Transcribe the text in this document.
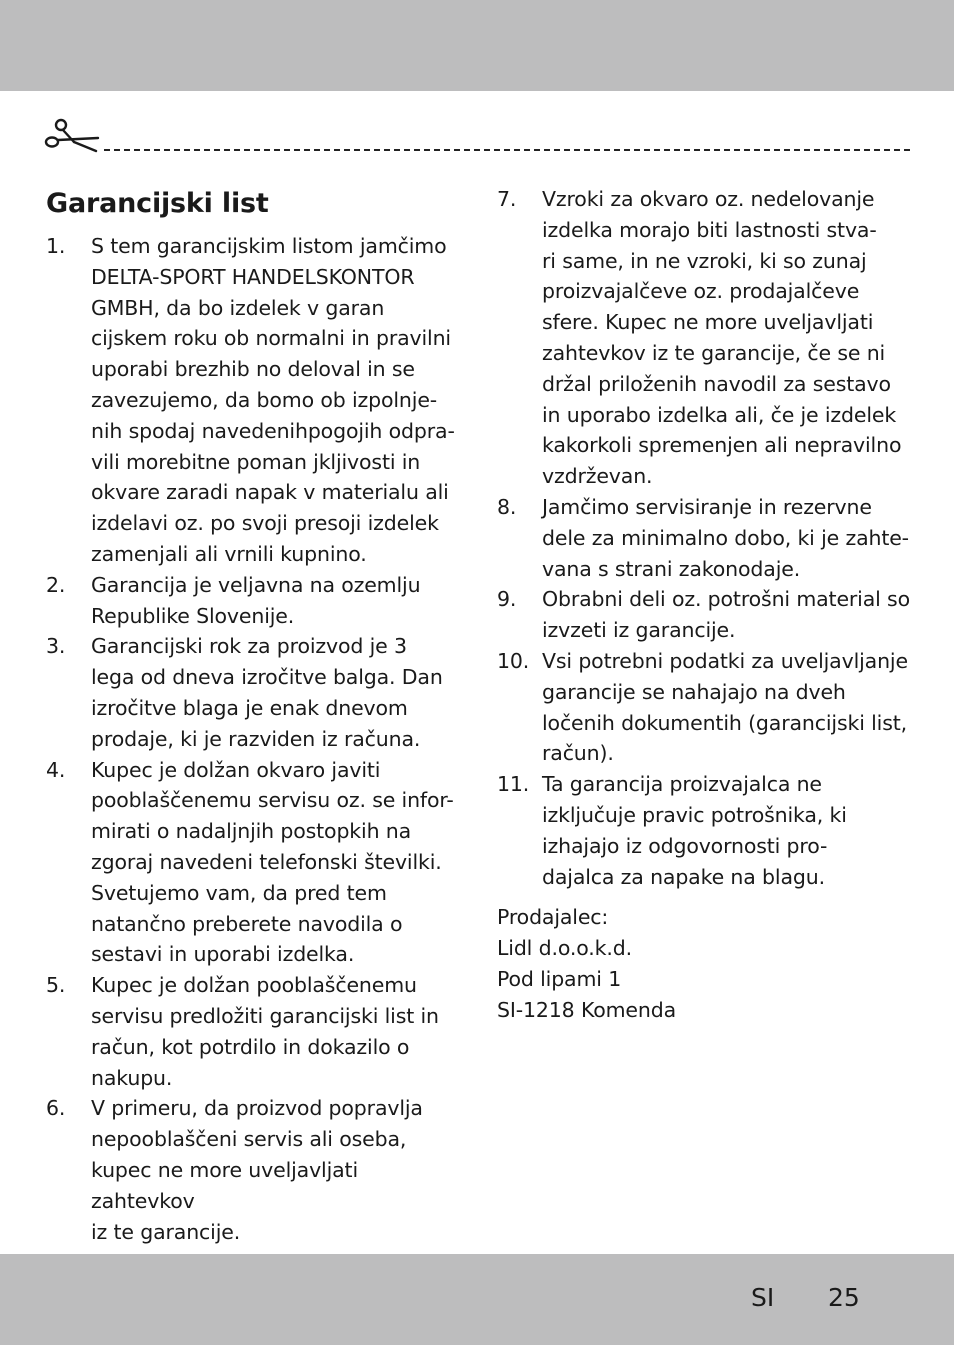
Garancijski list
1.	S tem garancijskim listom jamčimo
DELTA-SPORT HANDELSKONTOR
GMBH, da bo izdelek v garan
cijskem roku ob normalni in pravilni
uporabi brezhib no deloval in se
zavezujemo, da bomo ob izpolnje-
nih spodaj navedenihpogojih odpra-
vili morebitne poman jkljivosti in
okvare zaradi napak v materialu ali
izdelavi oz. po svoji presoji izdelek
zamenjali ali vrnili kupnino.
2.	Garancija je veljavna na ozemlju
Republike Slovenije.
3.	Garancijski rok za proizvod je 3
lega od dneva izročitve balga. Dan
izročitve blaga je enak dnevom
prodaje, ki je razviden iz računa.
4.	Kupec je dolžan okvaro javiti
pooblaščenemu servisu oz. se infor-
mirati o nadaljnjih postopkih na
zgoraj navedeni telefonski številki.
Svetujemo vam, da pred tem
natančno preberete navodila o
sestavi in uporabi izdelka.
5.	Kupec je dolžan pooblaščenemu
servisu predložiti garancijski list in
račun, kot potrdilo in dokazilo o
nakupu.
6.	V primeru, da proizvod popravlja
nepooblaščeni servis ali oseba,
kupec ne more uveljavljati zahtevkov
iz te garancije.
7.	Vzroki za okvaro oz. nedelovanje
izdelka morajo biti lastnosti stva-
ri same, in ne vzroki, ki so zunaj
proizvajalčeve oz. prodajalčeve
sfere. Kupec ne more uveljavljati
zahtevkov iz te garancije, če se ni
držal priloženih navodil za sestavo
in uporabo izdelka ali, če je izdelek
kakorkoli spremenjen ali nepravilno
vzdrževan.
8.	Jamčimo servisiranje in rezervne
dele za minimalno dobo, ki je zahte-
vana s strani zakonodaje.
9.	Obrabni deli oz. potrošni material so
izvzeti iz garancije.
10. Vsi potrebni podatki za uveljavljanje
garancije se nahajajo na dveh
ločenih dokumentih (garancijski list,
račun).
11. Ta garancija proizvajalca ne
izključuje pravic potrošnika, ki
izhajajo iz odgovornosti pro-
dajalca za napake na blagu.
Prodajalec:
Lidl d.o.o.k.d.
Pod lipami 1
SI-1218 Komenda
SI 25
